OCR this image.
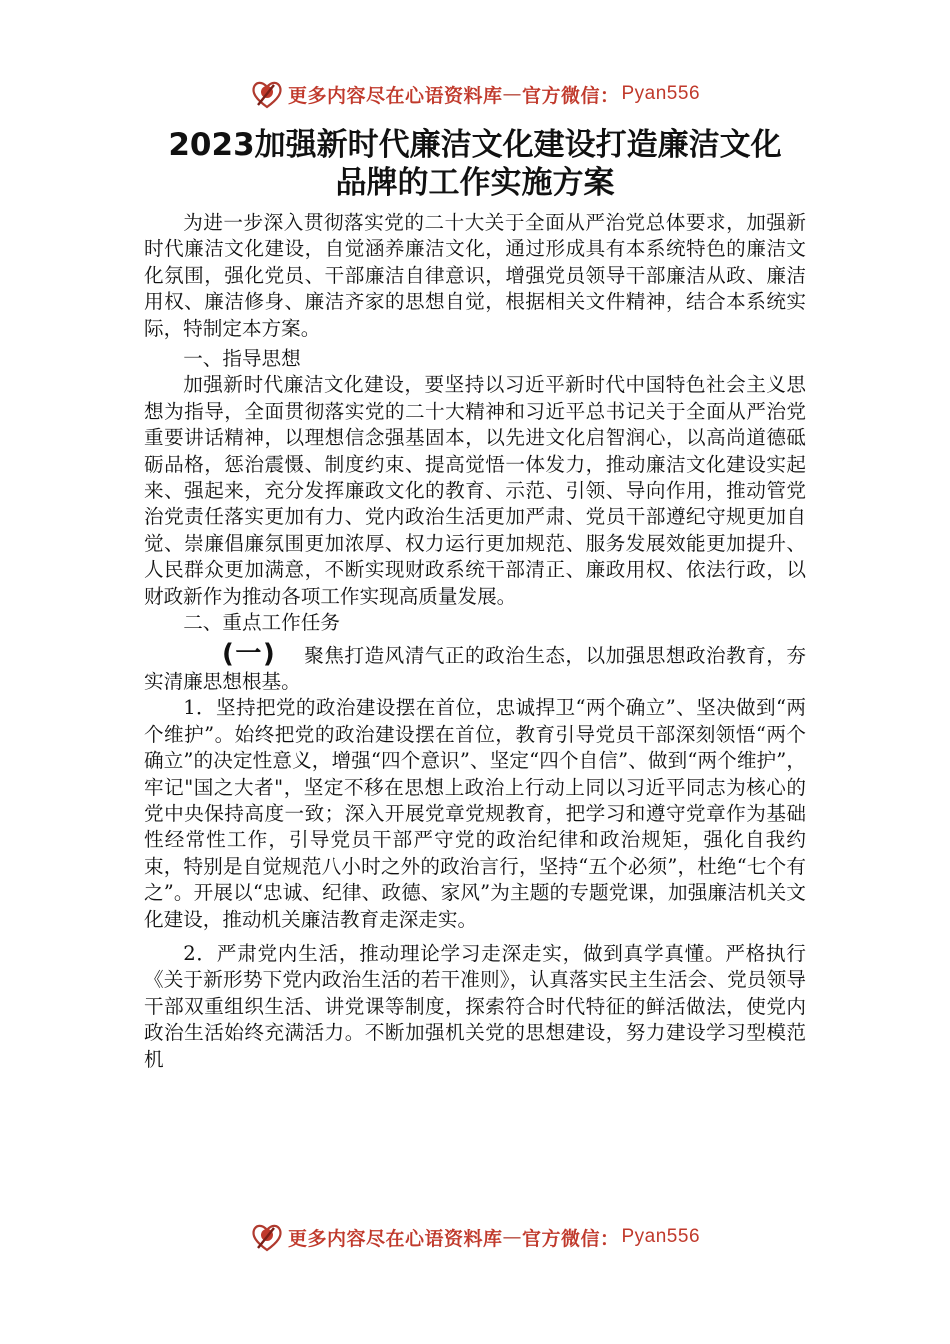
更多内容尽在心语资料库 — 官方微信： Pyan556
2023加强新时代廉洁文化建设打造廉洁文化
品牌的工作实施方案

为进一步深入贯彻落实党的二十大关于全面从严治党总体要求，加强新时代廉洁文化建设，自觉涵养廉洁文化，通过形成具有本系统特色的廉洁文化氛围，强化党员、干部廉洁自律意识，增强党员领导干部廉洁从政、廉洁用权、廉洁修身、廉洁齐家的思想自觉，根据相关文件精神，结合本系统实际，特制定本方案。

一、指导思想

加强新时代廉洁文化建设，要坚持以习近平新时代中国特色社会主义思想为指导，全面贯彻落实党的二十大精神和习近平总书记关于全面从严治党重要讲话精神，以理想信念强基固本，以先进文化启智润心，以高尚道德砥砺品格，惩治震慑、制度约束、提高觉悟一体发力，推动廉洁文化建设实起来、强起来，充分发挥廉政文化的教育、示范、引领、导向作用，推动管党治党责任落实更加有力、党内政治生活更加严肃、党员干部遵纪守规更加自觉、崇廉倡廉氛围更加浓厚、权力运行更加规范、服务发展效能更加提升、人民群众更加满意，不断实现财政系统干部清正、廉政用权、依法行政，以财政新作为推动各项工作实现高质量发展。

二、重点工作任务

(一) 聚焦打造风清气正的政治生态，以加强思想政治教育，夯实清廉思想根基。

1．坚持把党的政治建设摆在首位，忠诚捍卫“两个确立”、坚决做到“两个维护”。始终把党的政治建设摆在首位，教育引导党员干部深刻领悟“两个确立”的决定性意义，增强“四个意识”、坚定“四个自信”、做到“两个维护”，牢记"国之大者"，坚定不移在思想上政治上行动上同以习近平同志为核心的党中央保持高度一致；深入开展党章党规教育，把学习和遵守党章作为基础性经常性工作，引导党员干部严守党的政治纪律和政治规矩，强化自我约束，特别是自觉规范八小时之外的政治言行，坚持“五个必须”，杜绝“七个有之”。开展以“忠诚、纪律、政德、家风”为主题的专题党课，加强廉洁机关文化建设，推动机关廉洁教育走深走实。

2．严肃党内生活，推动理论学习走深走实，做到真学真懂。严格执行《关于新形势下党内政治生活的若干准则》，认真落实民主生活会、党员领导干部双重组织生活、讲党课等制度，探索符合时代特征的鲜活做法，使党内政治生活始终充满活力。不断加强机关党的思想建设，努力建设学习型模范机

更多内容尽在心语资料库 — 官方微信： Pyan556
